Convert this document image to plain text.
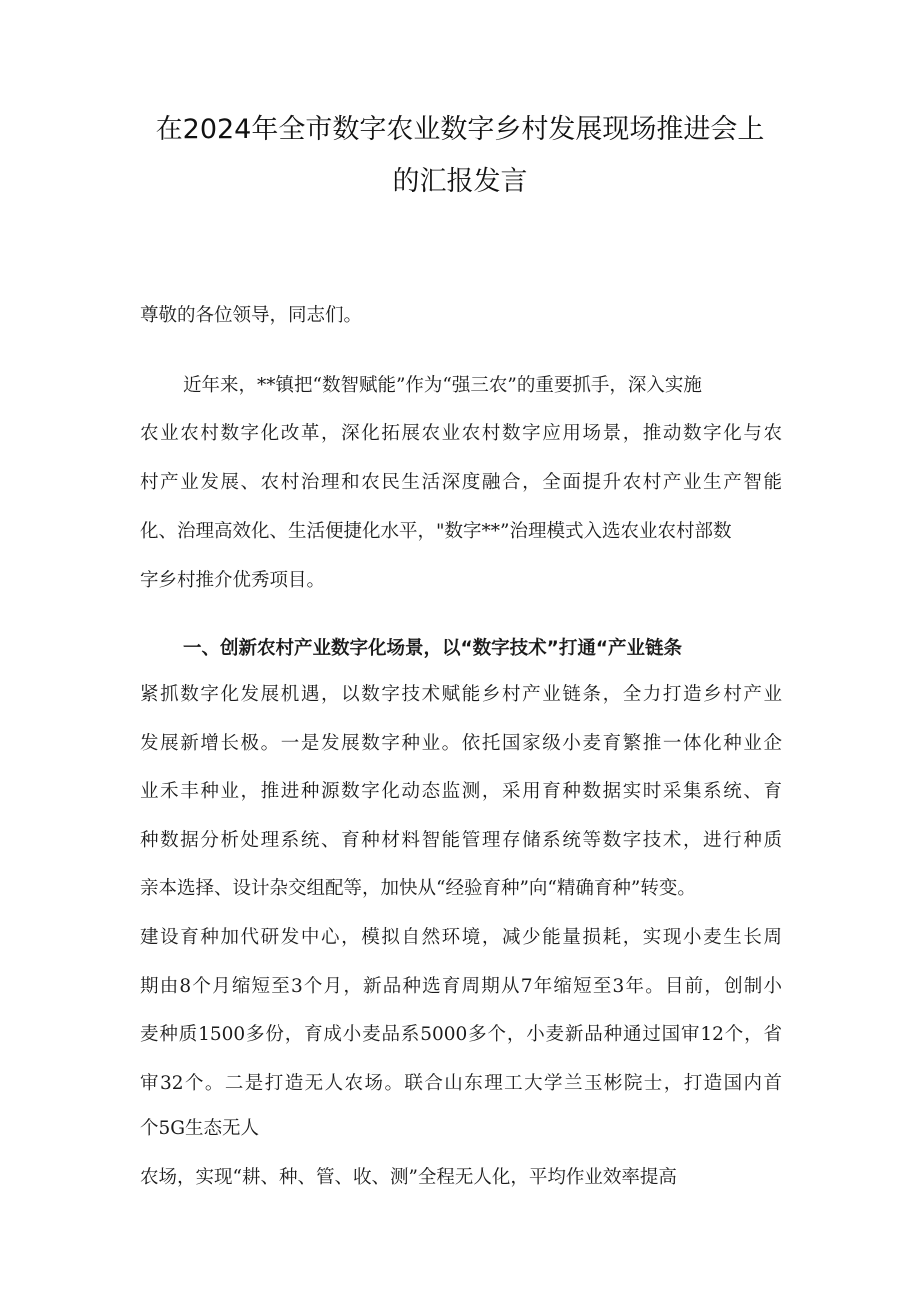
在2024年全市数字农业数字乡村发展现场推进会上
的汇报发言
尊敬的各位领导，同志们。
近年来，**镇把“数智赋能”作为“强三农”的重要抓手，深入实施
农业农村数字化改革，深化拓展农业农村数字应用场景，推动数字化与农
村产业发展、农村治理和农民生活深度融合，全面提升农村产业生产智能
化、治理高效化、生活便捷化水平，"数字**”治理模式入选农业农村部数
字乡村推介优秀项目。
一、创新农村产业数字化场景，以“数字技术”打通“产业链条
紧抓数字化发展机遇，以数字技术赋能乡村产业链条，全力打造乡村产业
发展新增长极。一是发展数字种业。依托国家级小麦育繁推一体化种业企
业禾丰种业，推进种源数字化动态监测，采用育种数据实时采集系统、育
种数据分析处理系统、育种材料智能管理存储系统等数字技术，进行种质
亲本选择、设计杂交组配等，加快从“经验育种”向“精确育种”转变。
建设育种加代研发中心，模拟自然环境，减少能量损耗，实现小麦生长周
期由8个月缩短至3个月，新品种选育周期从7年缩短至3年。目前，创制小
麦种质1500多份，育成小麦品系5000多个，小麦新品种通过国审12个，省
审32个。二是打造无人农场。联合山东理工大学兰玉彬院士，打造国内首
个5G生态无人
农场，实现“耕、种、管、收、测”全程无人化，平均作业效率提高
